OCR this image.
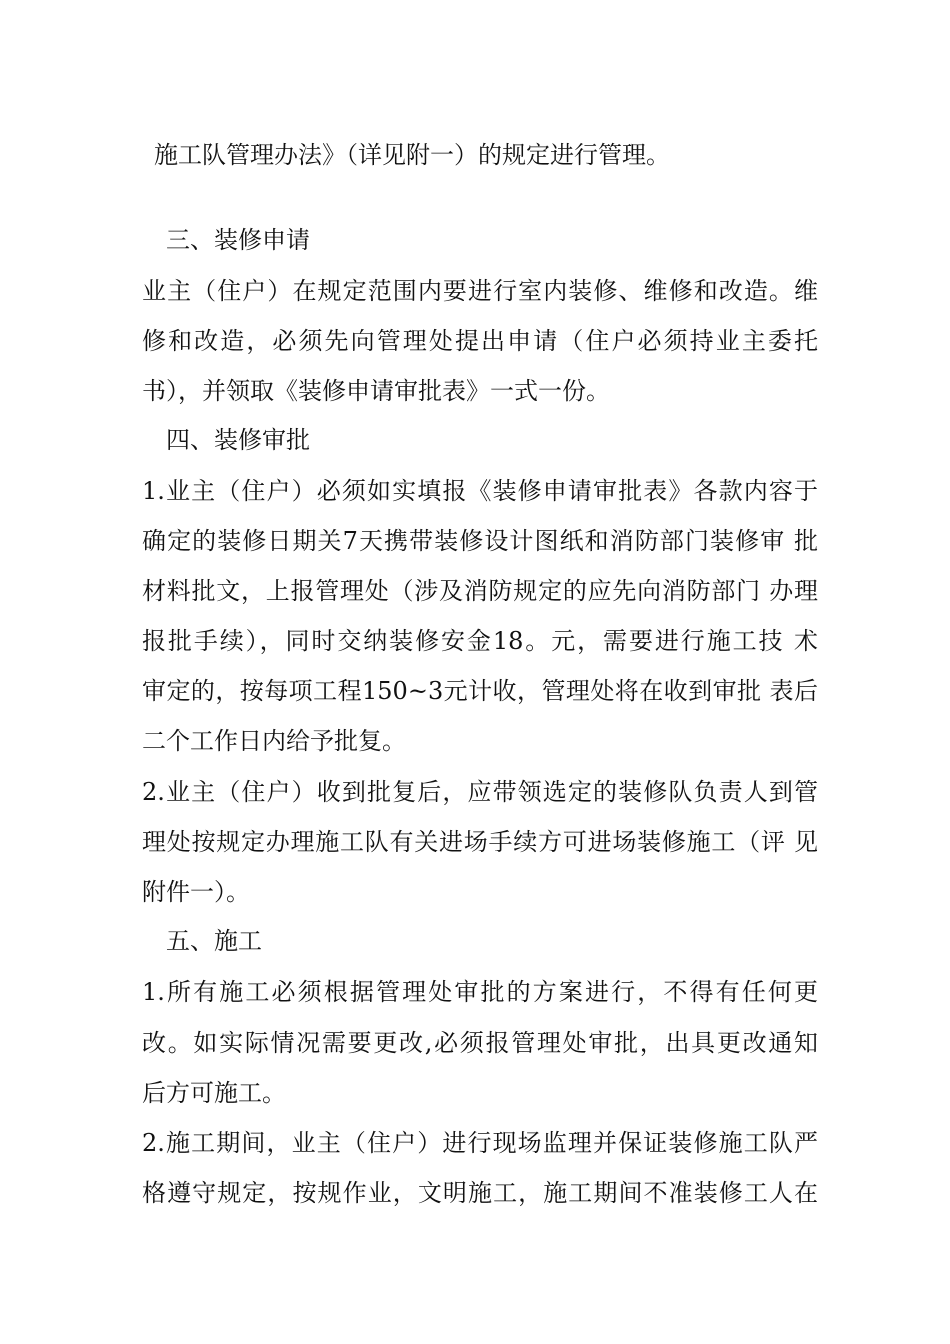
施工队管理办法》（详见附一）的规定进行管理。
三、装修申请
业主（住户）在规定范围内要进行室内装修、维修和改造。维
修和改造，必须先向管理处提出申请（住户必须持业主委托
书），并领取《装修申请审批表》一式一份。
四、装修审批
1.业主（住户）必须如实填报《装修申请审批表》各款内容于
确定的装修日期关7天携带装修设计图纸和消防部门装修审 批
材料批文，上报管理处（涉及消防规定的应先向消防部门 办理
报批手续），同时交纳装修安金18。元，需要进行施工技 术
审定的，按每项工程150~3元计收，管理处将在收到审批 表后
二个工作日内给予批复。
2.业主（住户）收到批复后，应带领选定的装修队负责人到管
理处按规定办理施工队有关进场手续方可进场装修施工（评 见
附件一）。
五、施工
1.所有施工必须根据管理处审批的方案进行，不得有任何更
改。如实际情况需要更改,必须报管理处审批，出具更改通知
后方可施工。
2.施工期间，业主（住户）进行现场监理并保证装修施工队严
格遵守规定，按规作业，文明施工，施工期间不准装修工人在
